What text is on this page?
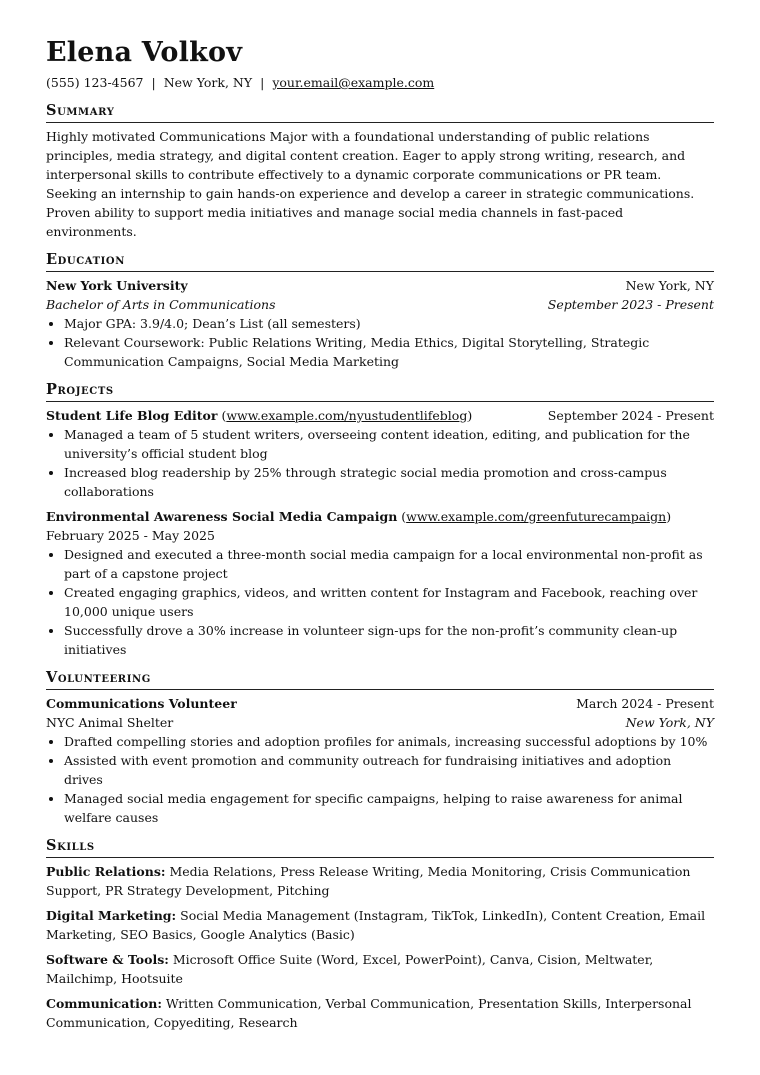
Elena Volkov
(555) 123-4567 | New York, NY | your.email@example.com
Summary

Highly motivated Communications Major with a foundational understanding of public relations principles, media strategy, and digital content creation. Eager to apply strong writing, research, and interpersonal skills to contribute effectively to a dynamic corporate communications or PR team. Seeking an internship to gain hands-on experience and develop a career in strategic communications. Proven ability to support media initiatives and manage social media channels in fast-paced environments.

Education
New York University	New York, NY
Bachelor of Arts in Communications	September 2023 - Present
• Major GPA: 3.9/4.0; Dean’s List (all semesters)
• Relevant Coursework: Public Relations Writing, Media Ethics, Digital Storytelling, Strategic Communication Campaigns, Social Media Marketing
Projects
Student Life Blog Editor (www.example.com/nyustudentlifeblog)	September 2024 - Present
• Managed a team of 5 student writers, overseeing content ideation, editing, and publication for the university’s official student blog
• Increased blog readership by 25% through strategic social media promotion and cross-campus collaborations
Environmental Awareness Social Media Campaign (www.example.com/greenfuturecampaign)  February 2025 - May 2025
• Designed and executed a three-month social media campaign for a local environmental non-profit as part of a capstone project
• Created engaging graphics, videos, and written content for Instagram and Facebook, reaching over 10,000 unique users
• Successfully drove a 30% increase in volunteer sign-ups for the non-profit’s community clean-up initiatives
Volunteering
Communications Volunteer	March 2024 - Present
NYC Animal Shelter	New York, NY
• Drafted compelling stories and adoption profiles for animals, increasing successful adoptions by 10%
• Assisted with event promotion and community outreach for fundraising initiatives and adoption drives
• Managed social media engagement for specific campaigns, helping to raise awareness for animal welfare causes
Skills

Public Relations: Media Relations, Press Release Writing, Media Monitoring, Crisis Communication Support, PR Strategy Development, Pitching

Digital Marketing: Social Media Management (Instagram, TikTok, LinkedIn), Content Creation, Email Marketing, SEO Basics, Google Analytics (Basic)

Software & Tools: Microsoft Office Suite (Word, Excel, PowerPoint), Canva, Cision, Meltwater, Mailchimp, Hootsuite

Communication: Written Communication, Verbal Communication, Presentation Skills, Interpersonal Communication, Copyediting, Research
